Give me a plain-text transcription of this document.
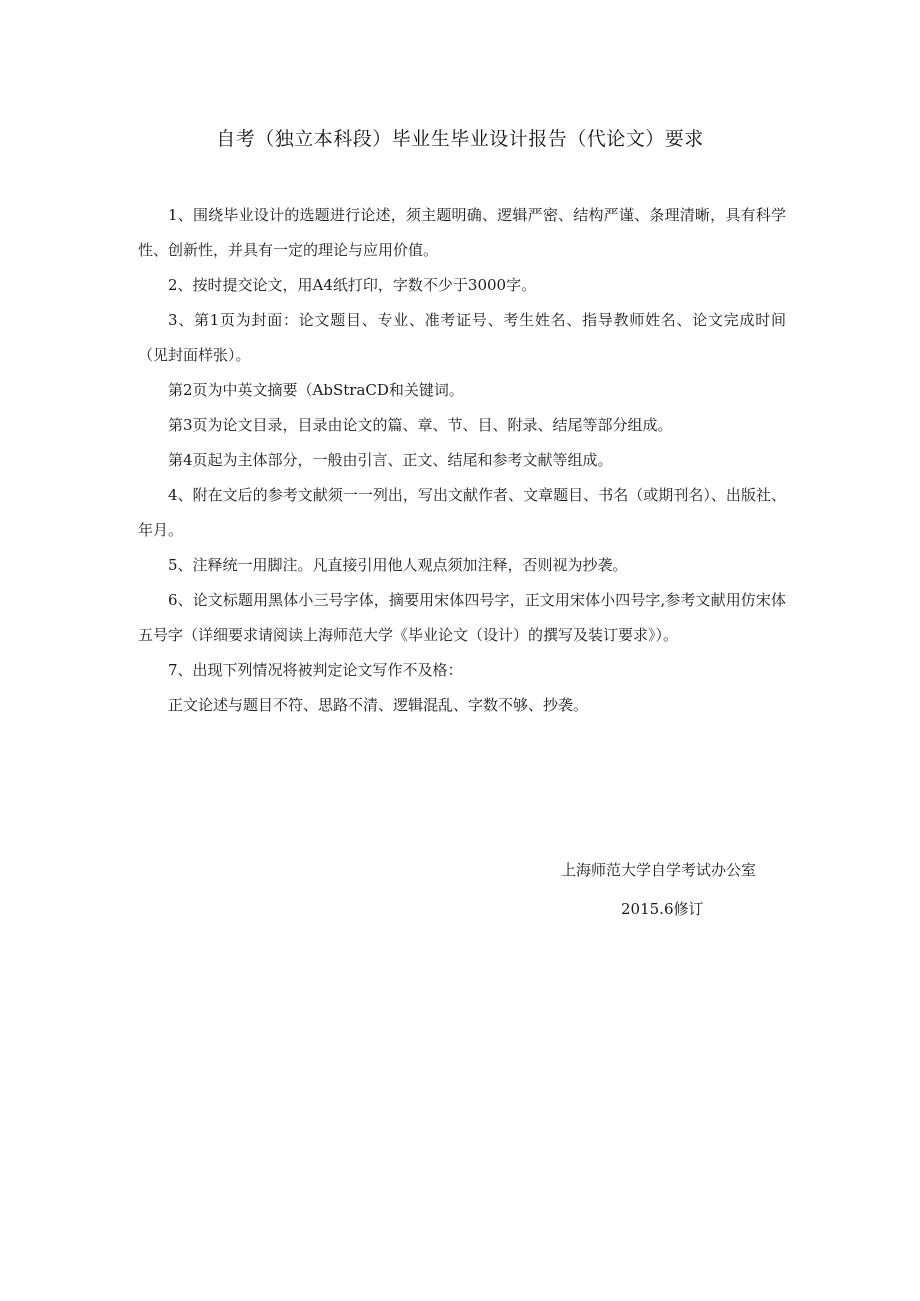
自考（独立本科段）毕业生毕业设计报告（代论文）要求

1、围绕毕业设计的选题进行论述，须主题明确、逻辑严密、结构严谨、条理清晰，具有科学性、创新性，并具有一定的理论与应用价值。

2、按时提交论文，用A4纸打印，字数不少于3000字。

3、第1页为封面：论文题目、专业、准考证号、考生姓名、指导教师姓名、论文完成时间（见封面样张）。

第2页为中英文摘要（AbStraCD和关键词。

第3页为论文目录，目录由论文的篇、章、节、目、附录、结尾等部分组成。

第4页起为主体部分，一般由引言、正文、结尾和参考文献等组成。

4、附在文后的参考文献须一一列出，写出文献作者、文章题目、书名（或期刊名）、出版社、年月。

5、注释统一用脚注。凡直接引用他人观点须加注释，否则视为抄袭。

6、论文标题用黑体小三号字体，摘要用宋体四号字，正文用宋体小四号字,参考文献用仿宋体五号字（详细要求请阅读上海师范大学《毕业论文（设计）的撰写及装订要求》）。

7、出现下列情况将被判定论文写作不及格：

正文论述与题目不符、思路不清、逻辑混乱、字数不够、抄袭。

上海师范大学自学考试办公室
2015.6修订
